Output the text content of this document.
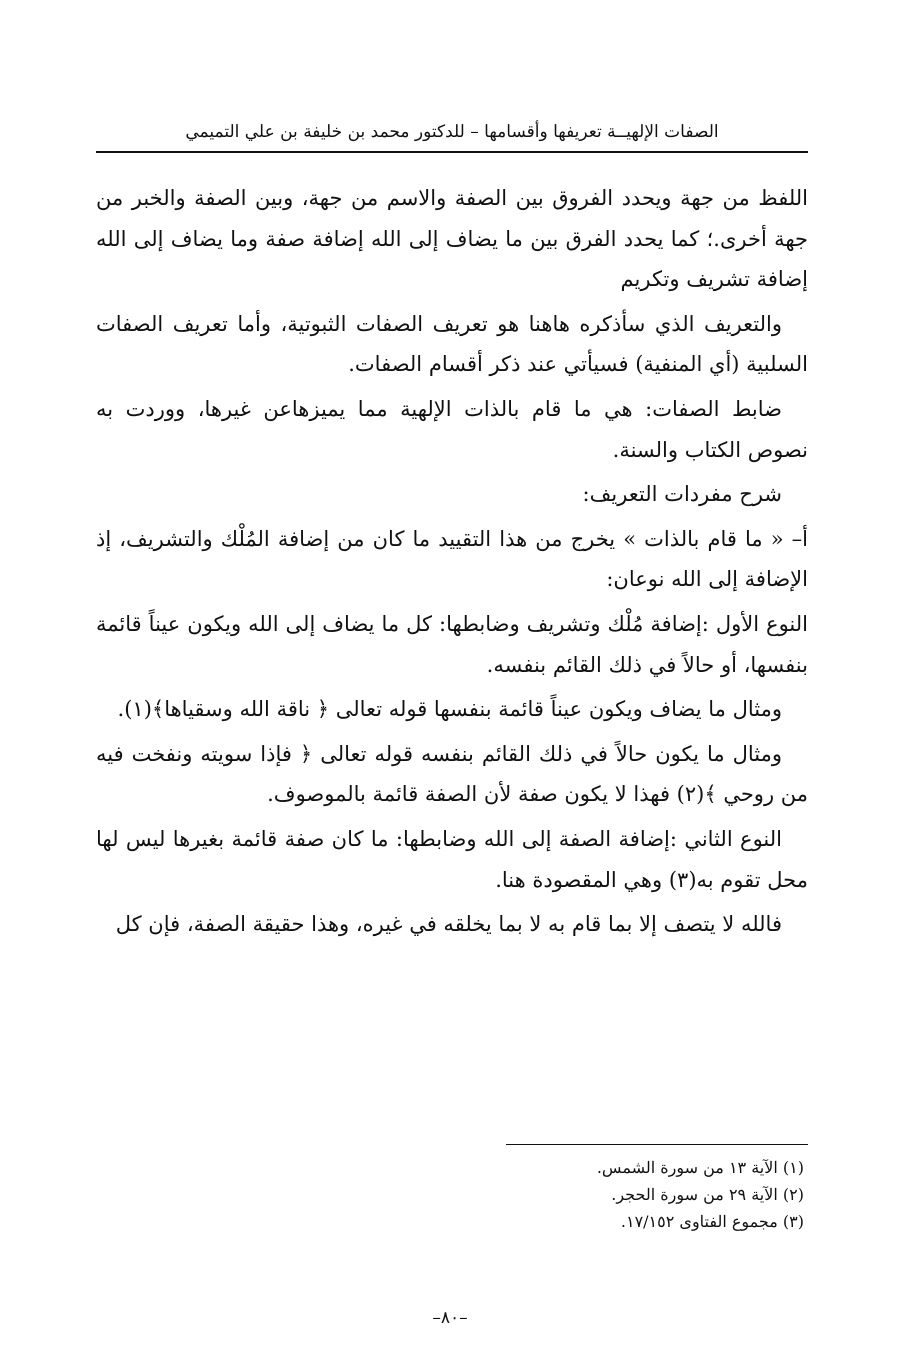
الصفات الإلهيــة تعريفها وأقسامها – للدكتور محمد بن خليفة بن علي التميمي

اللفظ من جهة ويحدد الفروق بين الصفة والاسم من جهة، وبين الصفة والخبر من جهة أخرى.؛ كما يحدد الفرق بين ما يضاف إلى الله إضافة صفة وما يضاف إلى الله إضافة تشريف وتكريم

والتعريف الذي سأذكره هاهنا هو تعريف الصفات الثبوتية، وأما تعريف الصفات السلبية (أي المنفية) فسيأتي عند ذكر أقسام الصفات.

ضابط الصفات: هي ما قام بالذات الإلهية مما يميزهاعن غيرها، ووردت به نصوص الكتاب والسنة.

شرح مفردات التعريف:

أ– « ما قام بالذات » يخرج من هذا التقييد ما كان من إضافة المُلْك والتشريف، إذ الإضافة إلى الله نوعان:

النوع الأول :إضافة مُلْك وتشريف وضابطها: كل ما يضاف إلى الله ويكون عيناً قائمة بنفسها، أو حالاً في ذلك القائم بنفسه.

ومثال ما يضاف ويكون عيناً قائمة بنفسها قوله تعالى ﴿ ناقة الله وسقياها﴾(١).

ومثال ما يكون حالاً في ذلك القائم بنفسه قوله تعالى ﴿ فإذا سويته ونفخت فيه من روحي ﴾(٢) فهذا لا يكون صفة لأن الصفة قائمة بالموصوف.

النوع الثاني :إضافة الصفة إلى الله وضابطها: ما كان صفة قائمة بغيرها ليس لها محل تقوم به(٣) وهي المقصودة هنا.

فالله لا يتصف إلا بما قام به لا بما يخلقه في غيره، وهذا حقيقة الصفة، فإن كل

(١) الآية ١٣ من سورة الشمس.

(٢) الآية ٢٩ من سورة الحجر.

(٣) مجموع الفتاوى ١٧/١٥٢.

–٨٠–
